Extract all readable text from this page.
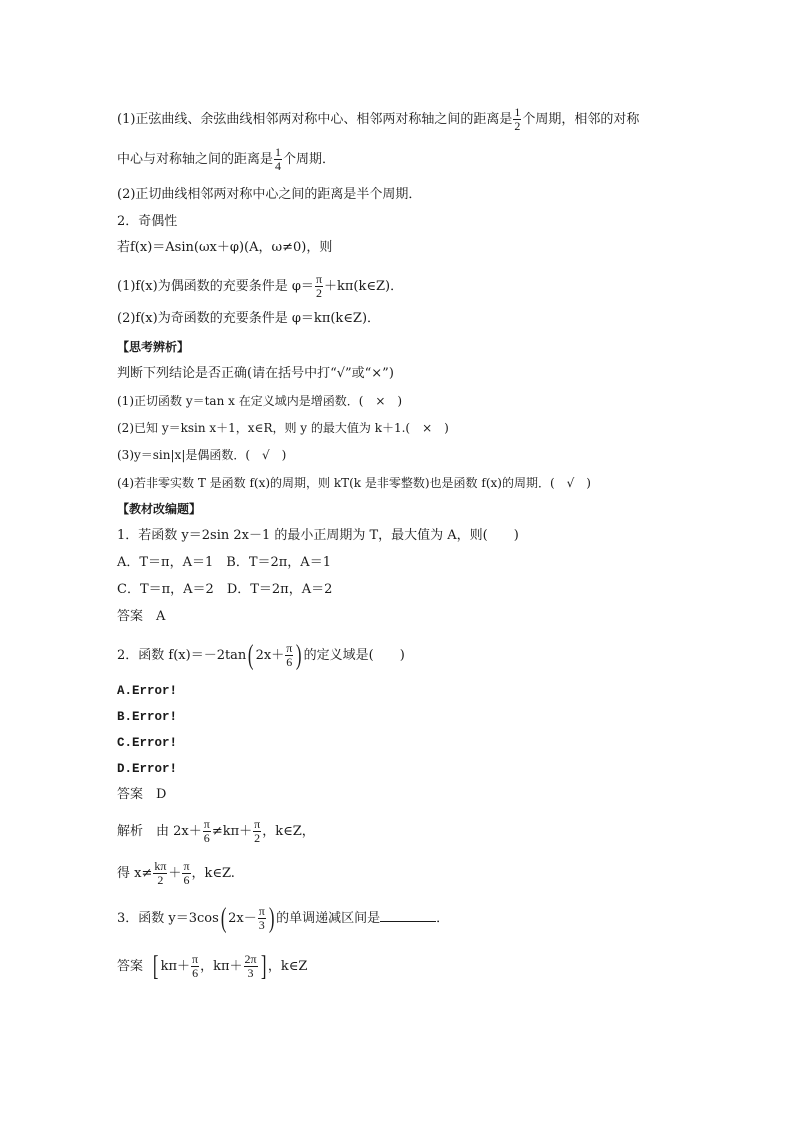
(1)正弦曲线、余弦曲线相邻两对称中心、相邻两对称轴之间的距离是 $\frac{1}{2}$ 个周期，相邻的对称
中心与对称轴之间的距离是 $\frac{1}{4}$ 个周期．
(2)正切曲线相邻两对称中心之间的距离是半个周期．
2．奇偶性
若f(x)＝Asin(ωx＋φ)(A，ω≠0)，则
(1)f(x)为偶函数的充要条件是 $\varphi= \frac{\pi}{2}$ ＋kπ(k∈Z)．
(2)f(x)为奇函数的充要条件是 φ＝kπ(k∈Z)．
【思考辨析】
判断下列结论是否正确(请在括号中打“√”或“×”)
(1)正切函数 y＝tan x 在定义域内是增函数．(　×　)
(2)已知 y＝ksin x＋1，x∈R，则 y 的最大值为 k＋1.(　×　)
(3)y＝sin|x|是偶函数．(　√　)
(4)若非零实数 T 是函数 f(x)的周期，则 kT(k 是非零整数)也是函数 f(x)的周期．(　√　)
【教材改编题】
1．若函数 y＝2sin 2x－1 的最小正周期为 T，最大值为 A，则(　　)
A．T＝π，A＝1　B．T＝2π，A＝1
C．T＝π，A＝2　D．T＝2π，A＝2
答案　A
2．函数 f(x)＝－2tan( $2x+ \frac{\pi}{6}$ ) 的定义域是(　　)
A.Error!
B.Error!
C.Error!
D.Error!
答案　D
解析　由 $2x+ \frac{\pi}{6} \ne k\pi+ \frac{\pi}{2}$ ，k∈Z，
得 $x\ne \frac{k\pi}{2} + \frac{\pi}{6}$ ，k∈Z.
3．函数 y＝3cos( $2x- \frac{\pi}{3}$ ) 的单调递减区间是	．
答案 [ $k\pi+ \frac{\pi}{6}$ ，$k\pi+ \frac{2\pi}{3}$ ] ，k∈Z
